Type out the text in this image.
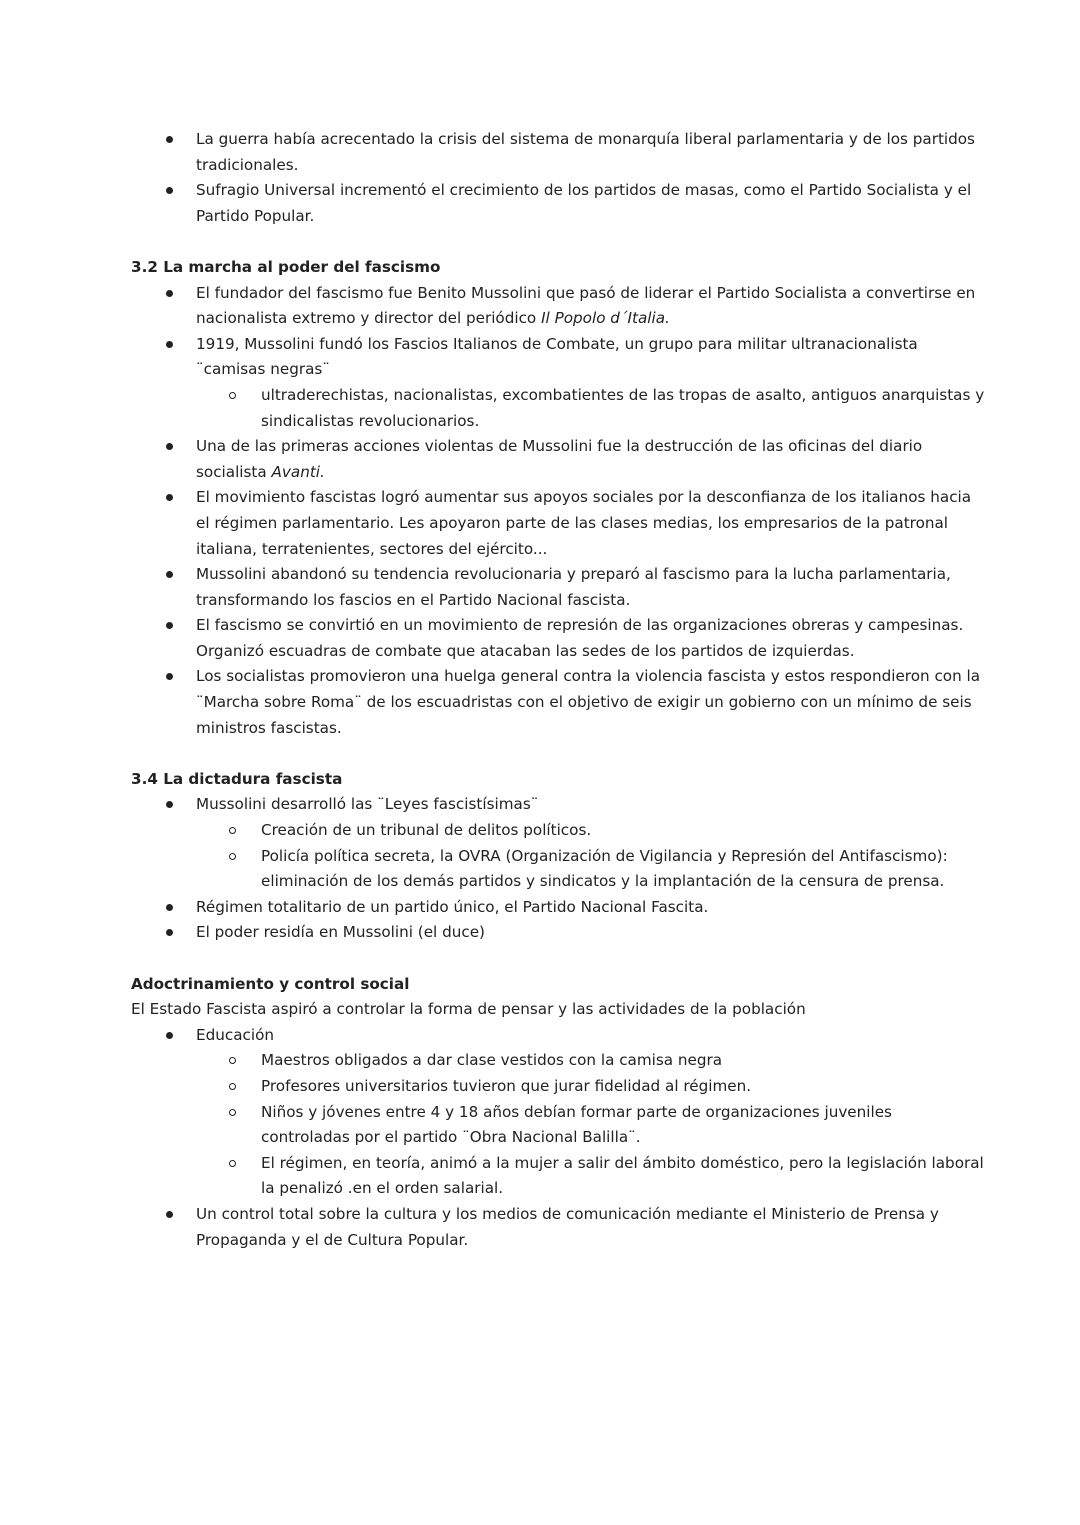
La guerra había acrecentado la crisis del sistema de monarquía liberal parlamentaria y de los partidos
tradicionales.
Sufragio Universal incrementó el crecimiento de los partidos de masas, como el Partido Socialista y el
Partido Popular.
3.2 La marcha al poder del fascismo
El fundador del fascismo fue Benito Mussolini que pasó de liderar el Partido Socialista a convertirse en
nacionalista extremo y director del periódico Il Popolo d´Italia.
1919, Mussolini fundó los Fascios Italianos de Combate, un grupo para militar ultranacionalista
¨camisas negras¨
ultraderechistas, nacionalistas, excombatientes de las tropas de asalto, antiguos anarquistas y
sindicalistas revolucionarios.
Una de las primeras acciones violentas de Mussolini fue la destrucción de las oficinas del diario
socialista Avanti.
El movimiento fascistas logró aumentar sus apoyos sociales por la desconfianza de los italianos hacia
el régimen parlamentario. Les apoyaron parte de las clases medias, los empresarios de la patronal
italiana, terratenientes, sectores del ejército...
Mussolini abandonó su tendencia revolucionaria y preparó al fascismo para la lucha parlamentaria,
transformando los fascios en el Partido Nacional fascista.
El fascismo se convirtió en un movimiento de represión de las organizaciones obreras y campesinas.
Organizó escuadras de combate que atacaban las sedes de los partidos de izquierdas.
Los socialistas promovieron una huelga general contra la violencia fascista y estos respondieron con la
¨Marcha sobre Roma¨ de los escuadristas con el objetivo de exigir un gobierno con un mínimo de seis
ministros fascistas.
3.4 La dictadura fascista
Mussolini desarrolló las ¨Leyes fascistísimas¨
Creación de un tribunal de delitos políticos.
Policía política secreta, la OVRA (Organización de Vigilancia y Represión del Antifascismo):
eliminación de los demás partidos y sindicatos y la implantación de la censura de prensa.
Régimen totalitario de un partido único, el Partido Nacional Fascita.
El poder residía en Mussolini (el duce)
Adoctrinamiento y control social
El Estado Fascista aspiró a controlar la forma de pensar y las actividades de la población
Educación
Maestros obligados a dar clase vestidos con la camisa negra
Profesores universitarios tuvieron que jurar fidelidad al régimen.
Niños y jóvenes entre 4 y 18 años debían formar parte de organizaciones juveniles
controladas por el partido ¨Obra Nacional Balilla¨.
El régimen, en teoría, animó a la mujer a salir del ámbito doméstico, pero la legislación laboral
la penalizó .en el orden salarial.
Un control total sobre la cultura y los medios de comunicación mediante el Ministerio de Prensa y
Propaganda y el de Cultura Popular.
